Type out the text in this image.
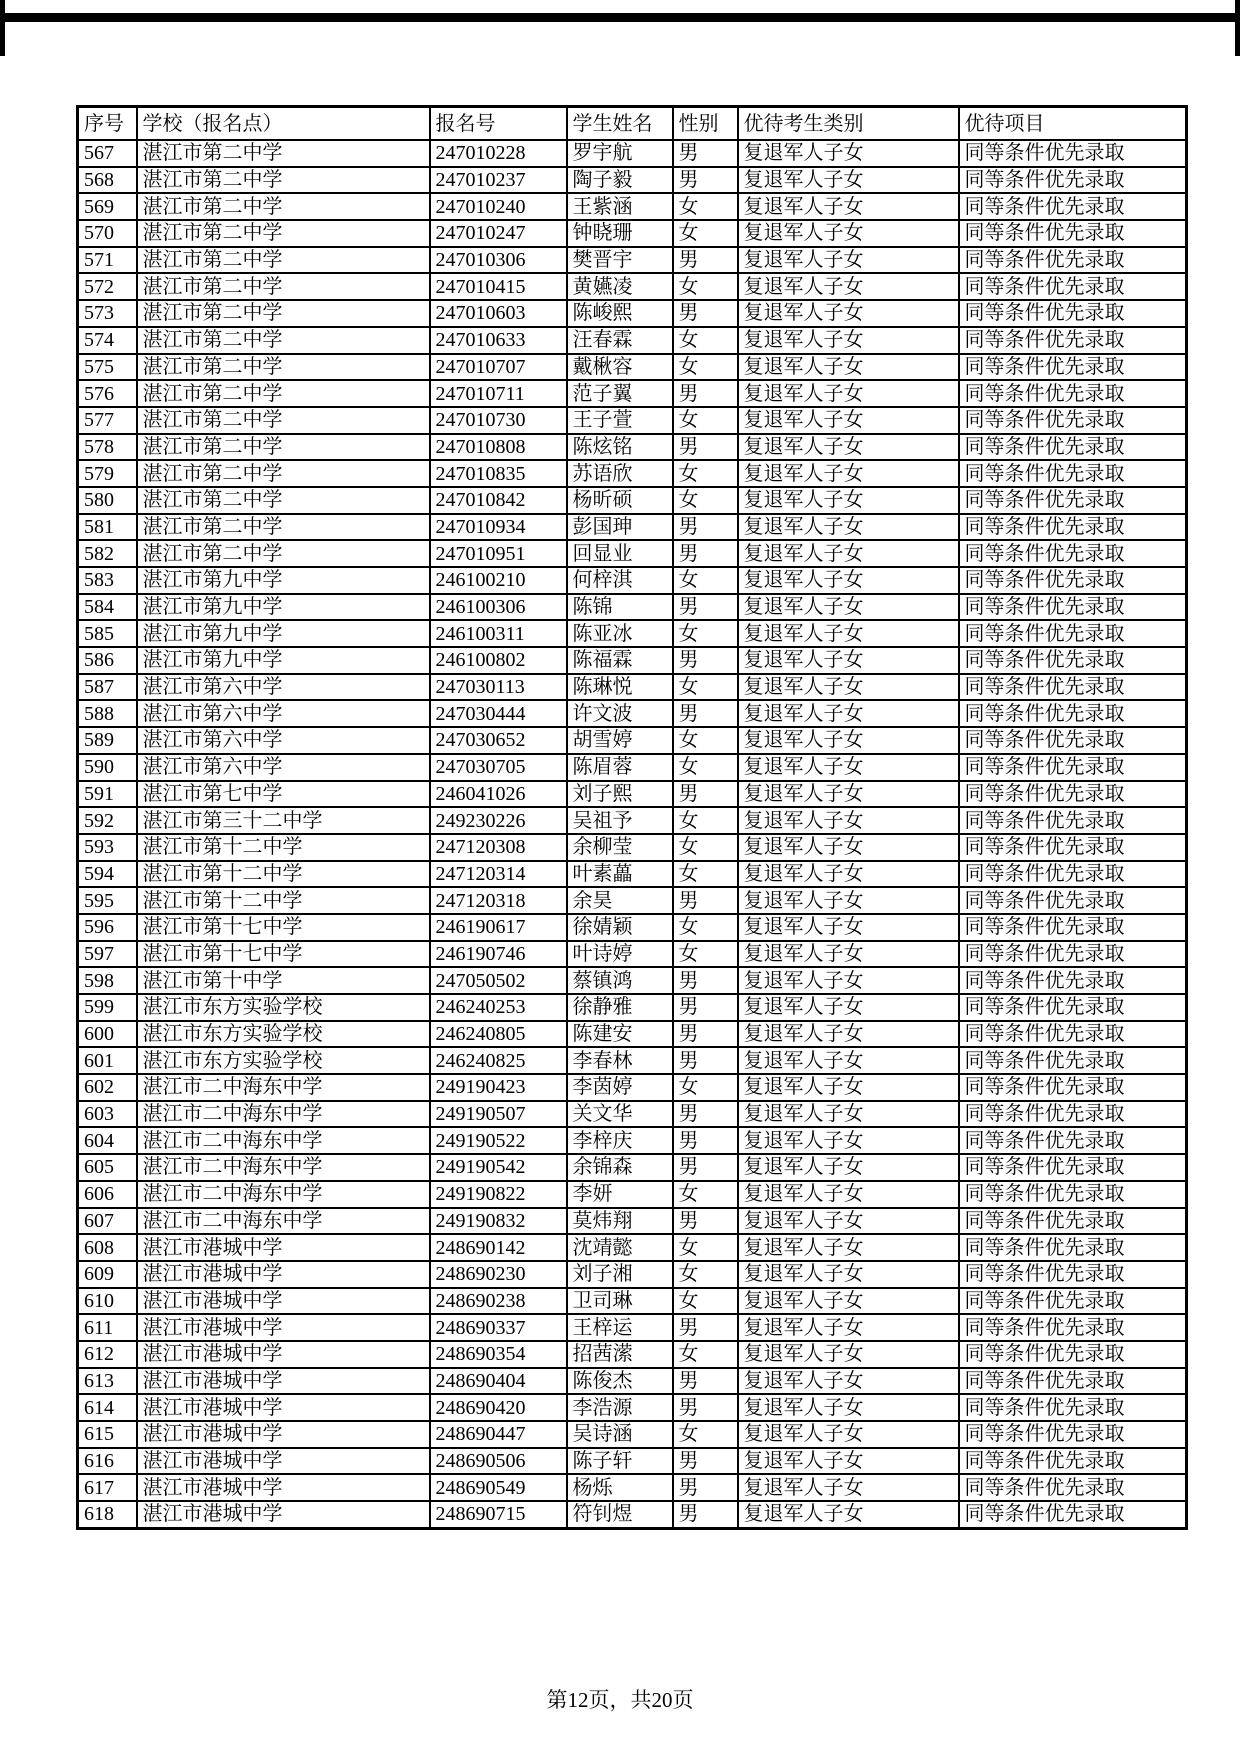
序号	学校（报名点）	报名号	学生姓名	性别	优待考生类别	优待项目
567	湛江市第二中学	247010228	罗宇航	男	复退军人子女	同等条件优先录取
568	湛江市第二中学	247010237	陶子毅	男	复退军人子女	同等条件优先录取
569	湛江市第二中学	247010240	王紫涵	女	复退军人子女	同等条件优先录取
570	湛江市第二中学	247010247	钟晓珊	女	复退军人子女	同等条件优先录取
571	湛江市第二中学	247010306	樊晋宇	男	复退军人子女	同等条件优先录取
572	湛江市第二中学	247010415	黄嬿凌	女	复退军人子女	同等条件优先录取
573	湛江市第二中学	247010603	陈峻熙	男	复退军人子女	同等条件优先录取
574	湛江市第二中学	247010633	汪春霖	女	复退军人子女	同等条件优先录取
575	湛江市第二中学	247010707	戴楸容	女	复退军人子女	同等条件优先录取
576	湛江市第二中学	247010711	范子翼	男	复退军人子女	同等条件优先录取
577	湛江市第二中学	247010730	王子萱	女	复退军人子女	同等条件优先录取
578	湛江市第二中学	247010808	陈炫铭	男	复退军人子女	同等条件优先录取
579	湛江市第二中学	247010835	苏语欣	女	复退军人子女	同等条件优先录取
580	湛江市第二中学	247010842	杨昕硕	女	复退军人子女	同等条件优先录取
581	湛江市第二中学	247010934	彭国珅	男	复退军人子女	同等条件优先录取
582	湛江市第二中学	247010951	回显业	男	复退军人子女	同等条件优先录取
583	湛江市第九中学	246100210	何梓淇	女	复退军人子女	同等条件优先录取
584	湛江市第九中学	246100306	陈锦	男	复退军人子女	同等条件优先录取
585	湛江市第九中学	246100311	陈亚冰	女	复退军人子女	同等条件优先录取
586	湛江市第九中学	246100802	陈福霖	男	复退军人子女	同等条件优先录取
587	湛江市第六中学	247030113	陈琳悦	女	复退军人子女	同等条件优先录取
588	湛江市第六中学	247030444	许文波	男	复退军人子女	同等条件优先录取
589	湛江市第六中学	247030652	胡雪婷	女	复退军人子女	同等条件优先录取
590	湛江市第六中学	247030705	陈眉蓉	女	复退军人子女	同等条件优先录取
591	湛江市第七中学	246041026	刘子熙	男	复退军人子女	同等条件优先录取
592	湛江市第三十二中学	249230226	吴祖予	女	复退军人子女	同等条件优先录取
593	湛江市第十二中学	247120308	余柳莹	女	复退军人子女	同等条件优先录取
594	湛江市第十二中学	247120314	叶素藟	女	复退军人子女	同等条件优先录取
595	湛江市第十二中学	247120318	余昊	男	复退军人子女	同等条件优先录取
596	湛江市第十七中学	246190617	徐婧颖	女	复退军人子女	同等条件优先录取
597	湛江市第十七中学	246190746	叶诗婷	女	复退军人子女	同等条件优先录取
598	湛江市第十中学	247050502	蔡镇鸿	男	复退军人子女	同等条件优先录取
599	湛江市东方实验学校	246240253	徐静雅	男	复退军人子女	同等条件优先录取
600	湛江市东方实验学校	246240805	陈建安	男	复退军人子女	同等条件优先录取
601	湛江市东方实验学校	246240825	李春林	男	复退军人子女	同等条件优先录取
602	湛江市二中海东中学	249190423	李茵婷	女	复退军人子女	同等条件优先录取
603	湛江市二中海东中学	249190507	关文华	男	复退军人子女	同等条件优先录取
604	湛江市二中海东中学	249190522	李梓庆	男	复退军人子女	同等条件优先录取
605	湛江市二中海东中学	249190542	余锦森	男	复退军人子女	同等条件优先录取
606	湛江市二中海东中学	249190822	李妍	女	复退军人子女	同等条件优先录取
607	湛江市二中海东中学	249190832	莫炜翔	男	复退军人子女	同等条件优先录取
608	湛江市港城中学	248690142	沈靖懿	女	复退军人子女	同等条件优先录取
609	湛江市港城中学	248690230	刘子湘	女	复退军人子女	同等条件优先录取
610	湛江市港城中学	248690238	卫司琳	女	复退军人子女	同等条件优先录取
611	湛江市港城中学	248690337	王梓运	男	复退军人子女	同等条件优先录取
612	湛江市港城中学	248690354	招茜潆	女	复退军人子女	同等条件优先录取
613	湛江市港城中学	248690404	陈俊杰	男	复退军人子女	同等条件优先录取
614	湛江市港城中学	248690420	李浩源	男	复退军人子女	同等条件优先录取
615	湛江市港城中学	248690447	吴诗涵	女	复退军人子女	同等条件优先录取
616	湛江市港城中学	248690506	陈子轩	男	复退军人子女	同等条件优先录取
617	湛江市港城中学	248690549	杨烁	男	复退军人子女	同等条件优先录取
618	湛江市港城中学	248690715	符钊煜	男	复退军人子女	同等条件优先录取
第12页，共20页
